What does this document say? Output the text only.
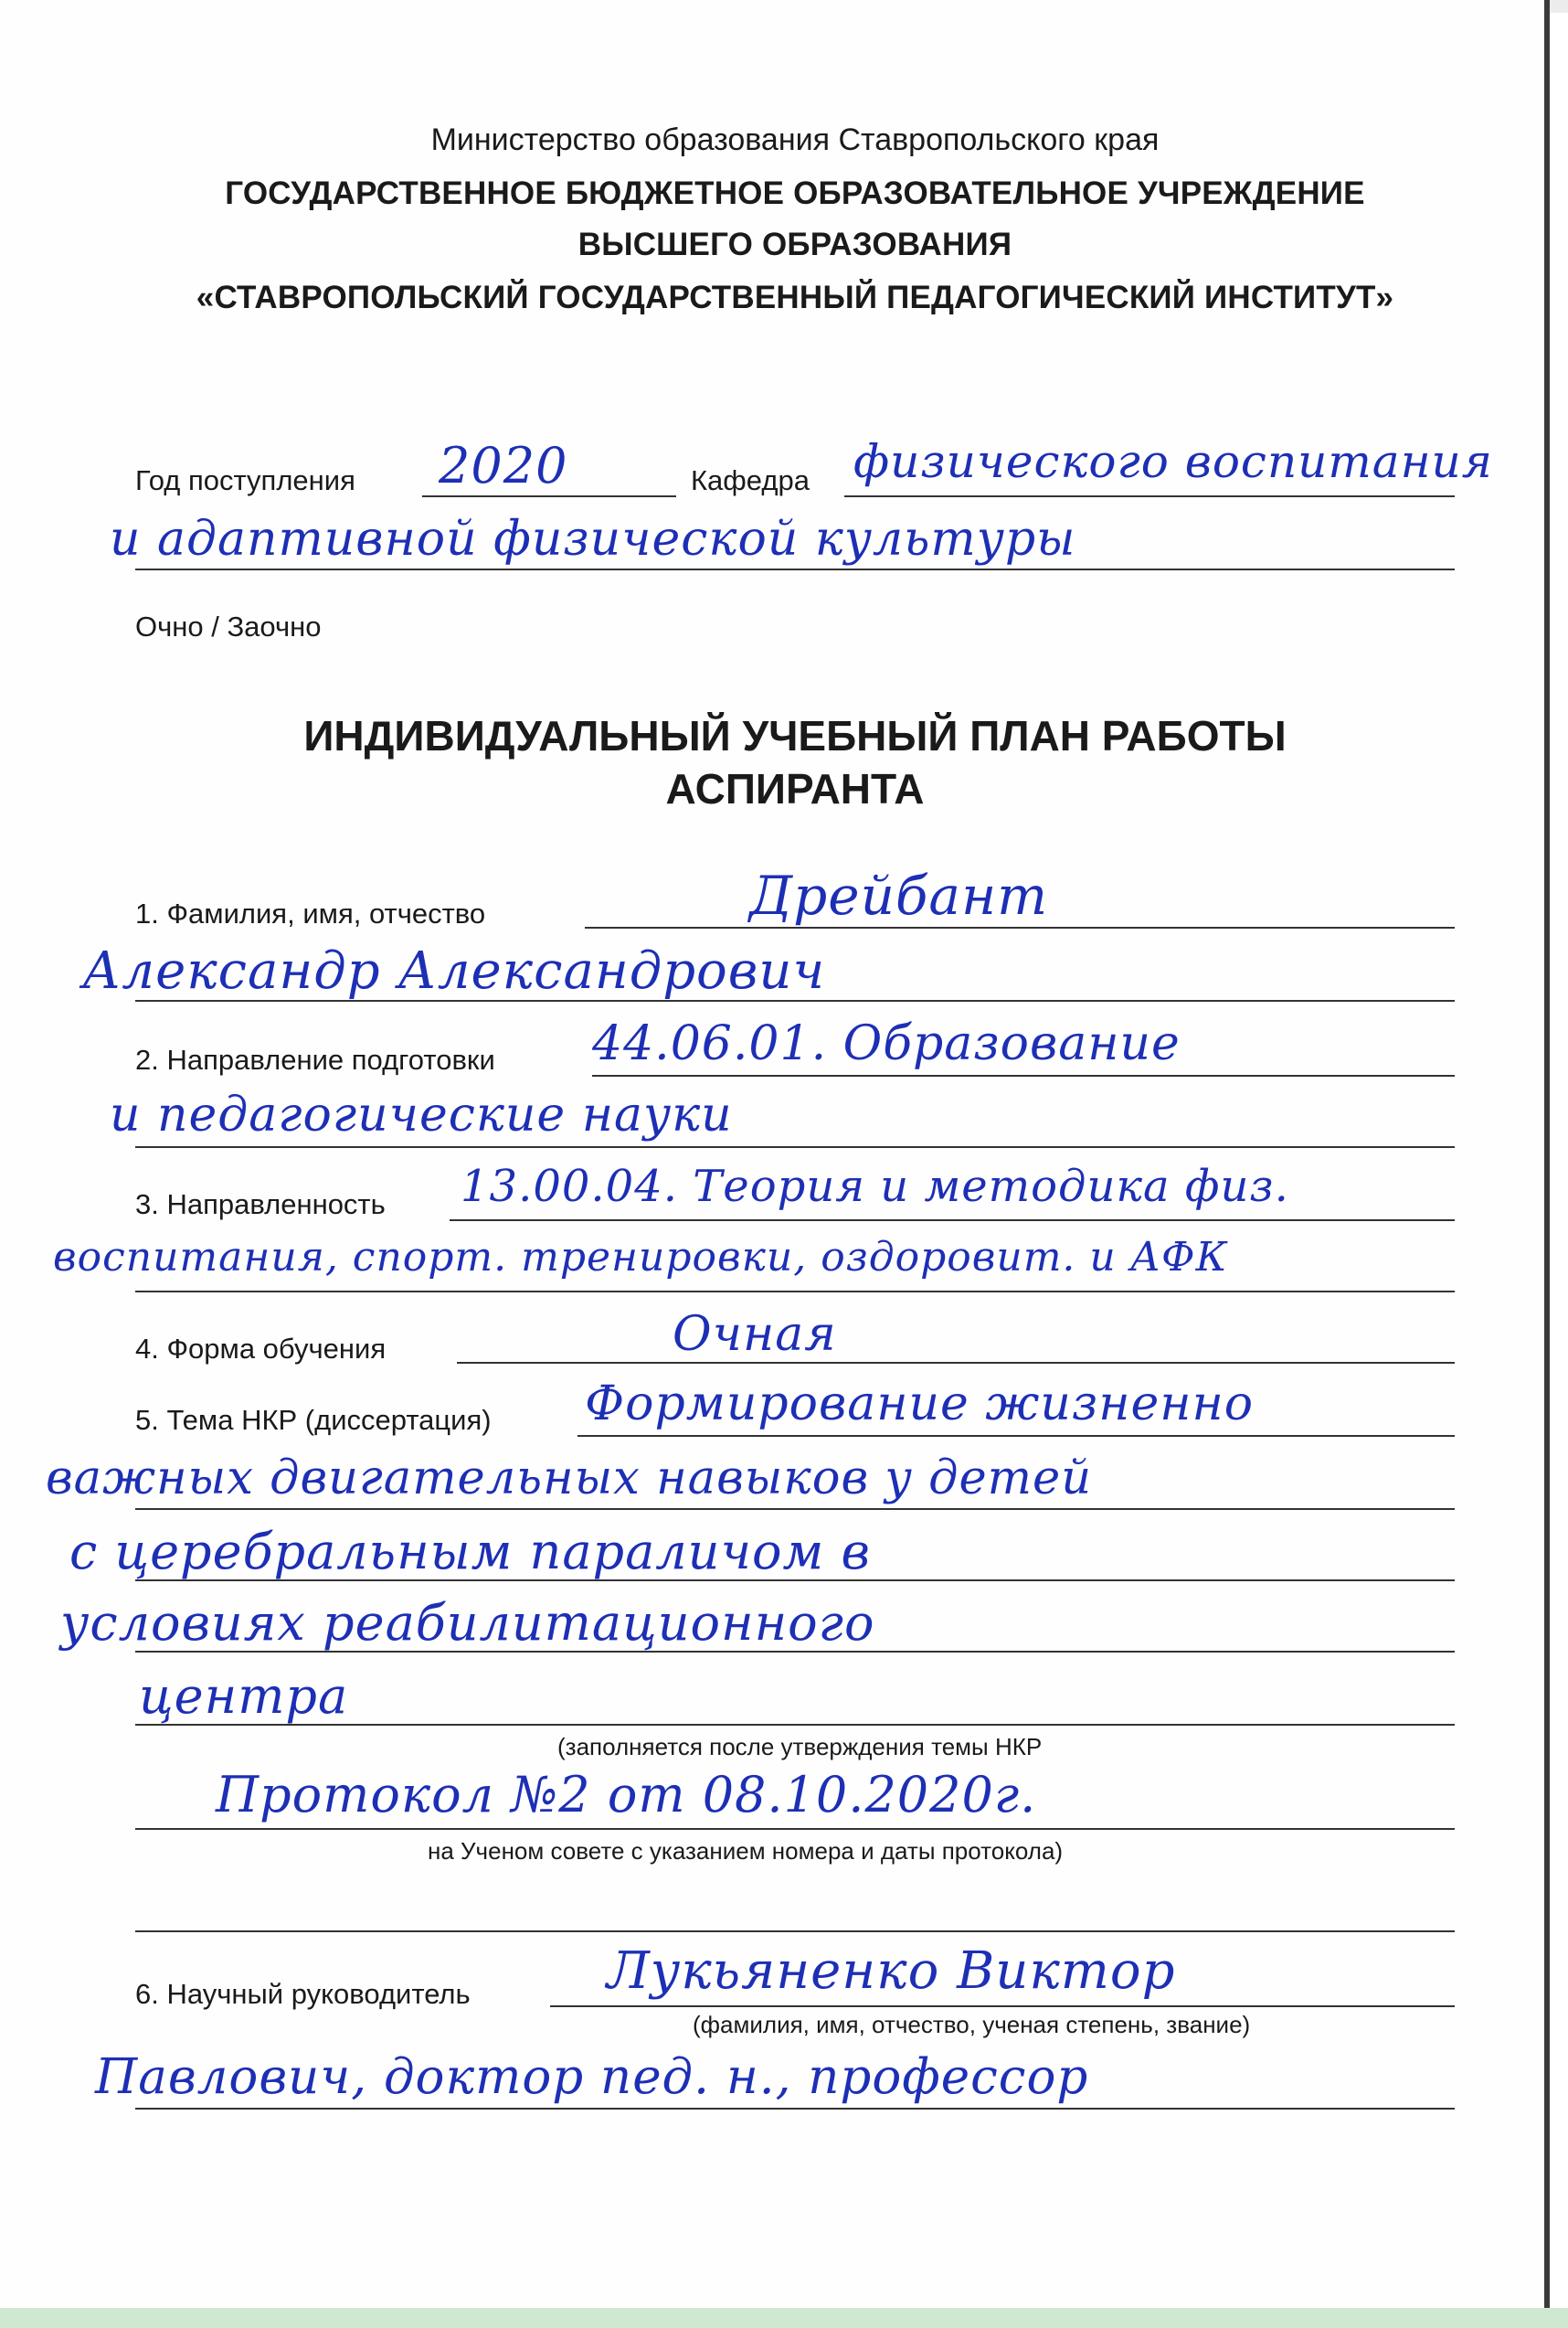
Министерство образования Ставропольского края
ГОСУДАРСТВЕННОЕ БЮДЖЕТНОЕ ОБРАЗОВАТЕЛЬНОЕ УЧРЕЖДЕНИЕ
ВЫСШЕГО ОБРАЗОВАНИЯ
«СТАВРОПОЛЬСКИЙ ГОСУДАРСТВЕННЫЙ ПЕДАГОГИЧЕСКИЙ ИНСТИТУТ»
Год поступления 2020	Кафедра физического воспитания
и адаптивной физической культуры
Очно / Заочно
ИНДИВИДУАЛЬНЫЙ УЧЕБНЫЙ ПЛАН РАБОТЫ
АСПИРАНТА
1. Фамилия, имя, отчество	Дрейбант
Александр Александрович
2. Направление подготовки 44.06.01. Образование
и педагогические науки
3. Направленность 13.00.04. Теория и методика физ.
воспитания, спорт. тренировки, оздоровит. и АФК
4. Форма обучения	Очная
5. Тема НКР (диссертация) Формирование жизненно
важных двигательных навыков у детей
с церебральным параличом в
условиях реабилитационного
центра
(заполняется после утверждения темы НКР
Протокол №2 от 08.10.2020г.
на Ученом совете с указанием номера и даты протокола)
6. Научный руководитель	Лукьяненко Виктор
(фамилия, имя, отчество, ученая степень, звание)
Павлович, доктор пед. н., профессор
